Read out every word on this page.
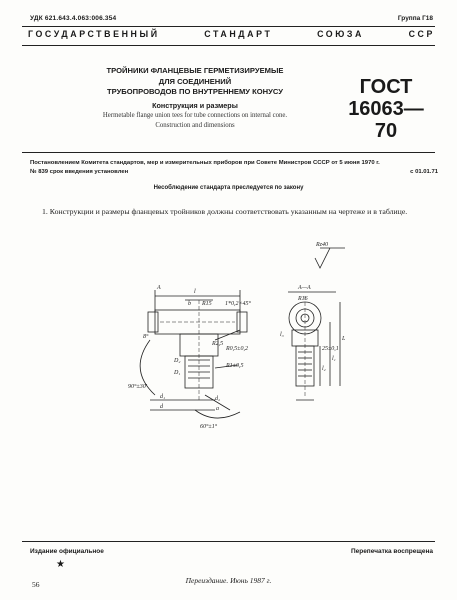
УДК 621.643.4.063:006.354	Группа Г18
ГОСУДАРСТВЕННЫЙ	СТАНДАРТ	СОЮЗА	ССР
ТРОЙНИКИ ФЛАНЦЕВЫЕ ГЕРМЕТИЗИРУЕМЫЕ
ДЛЯ СОЕДИНЕНИЙ
ТРУБОПРОВОДОВ ПО ВНУТРЕННЕМУ КОНУСУ
Конструкция и размеры
Hermetable flange union tees for tube connections on internal cone.
Construction and dimensions
ГОСТ
16063—70
Постановлением Комитета стандартов, мер и измерительных приборов при Совете Министров СССР от 5 июня 1970 г.
№ 839 срок введения установлен	с 01.01.71
Несоблюдение стандарта преследуется по закону
1. Конструкции и размеры фланцевых тройников должны соответствовать указанным на чертеже и в таблице.
A
l
b R15 1*0,2×45°
R2,5
R0,5±0,2
R1±0,5
D₂
D₁
d₁
d
d₂
a
90°±30′
60°±1°
8°
Rz40
A—A
R16
l₃
L
l₁
l₂
25±0,1
Издание официальное	Перепечатка воспрещена
★
56	Переиздание. Июнь 1987 г.
